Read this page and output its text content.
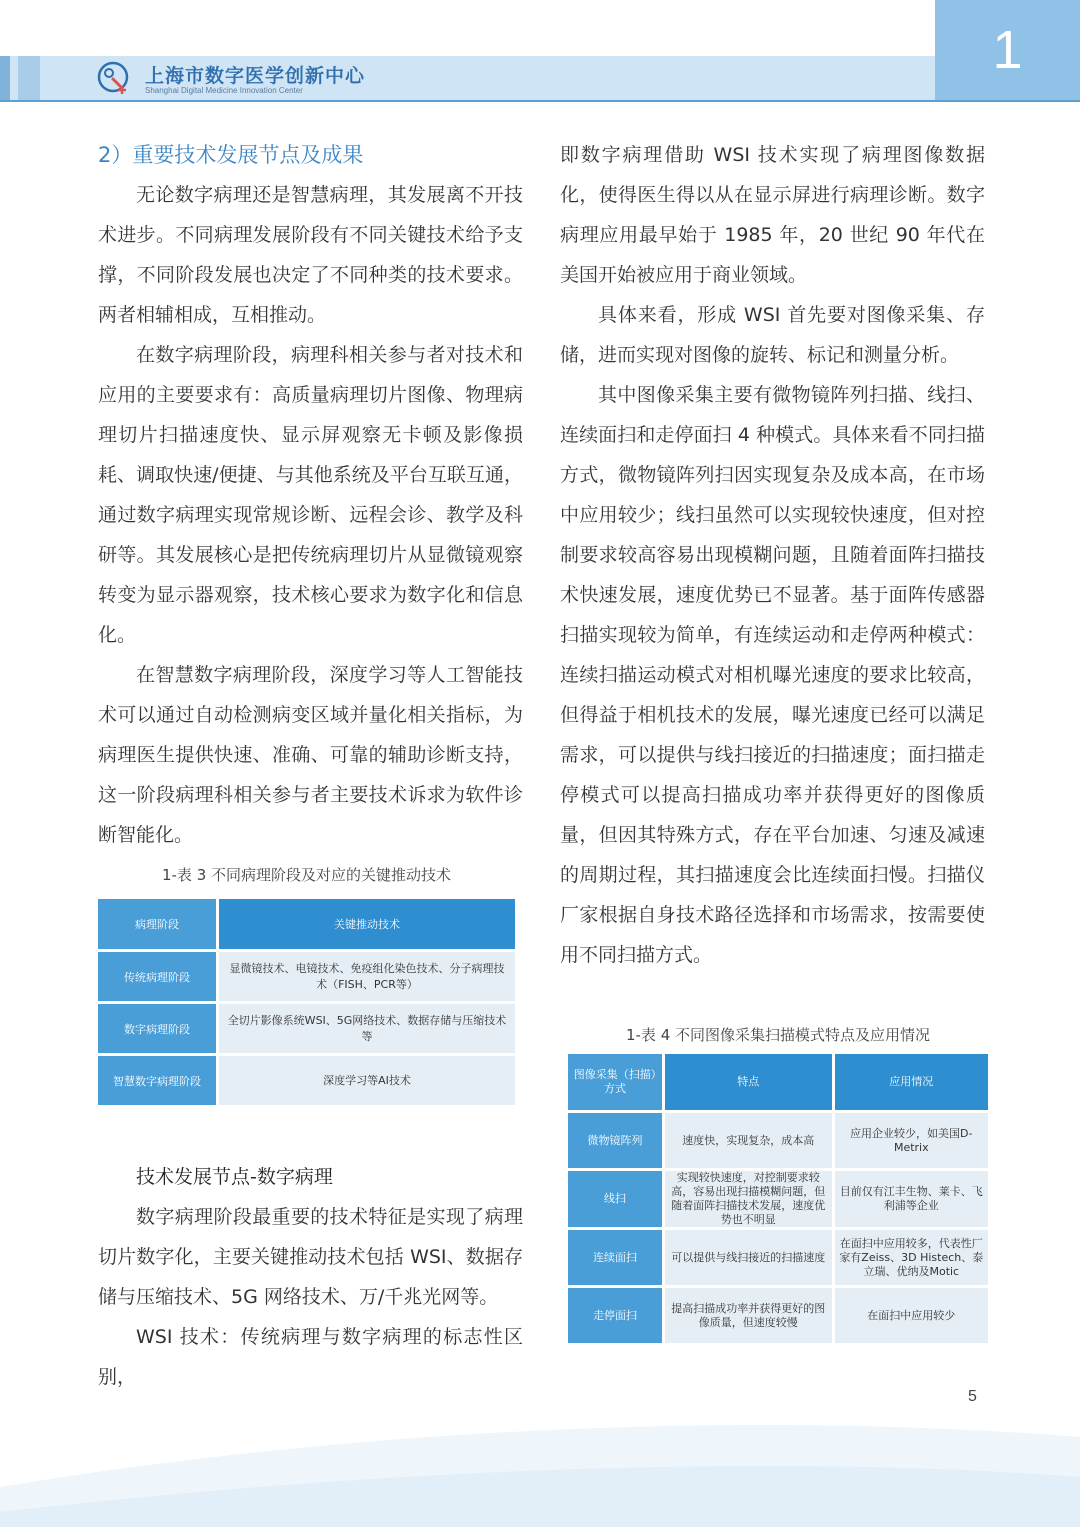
1
上海市数字医学创新中心
Shanghai Digital Medicine Innovation Center
2）重要技术发展节点及成果

无论数字病理还是智慧病理，其发展离不开技术进步。不同病理发展阶段有不同关键技术给予支撑，不同阶段发展也决定了不同种类的技术要求。两者相辅相成，互相推动。

在数字病理阶段，病理科相关参与者对技术和应用的主要要求有：高质量病理切片图像、物理病理切片扫描速度快、显示屏观察无卡顿及影像损耗、调取快速/便捷、与其他系统及平台互联互通，通过数字病理实现常规诊断、远程会诊、教学及科研等。其发展核心是把传统病理切片从显微镜观察转变为显示器观察，技术核心要求为数字化和信息化。

在智慧数字病理阶段，深度学习等人工智能技术可以通过自动检测病变区域并量化相关指标，为病理医生提供快速、准确、可靠的辅助诊断支持，这一阶段病理科相关参与者主要技术诉求为软件诊断智能化。

1-表 3 不同病理阶段及对应的关键推动技术
病理阶段	关键推动技术
传统病理阶段	显微镜技术、电镜技术、免疫组化染色技术、分子病理技术（FISH、PCR等）
数字病理阶段	全切片影像系统WSI、5G网络技术、数据存储与压缩技术等
智慧数字病理阶段	深度学习等AI技术
技术发展节点-数字病理

数字病理阶段最重要的技术特征是实现了病理切片数字化，主要关键推动技术包括 WSI、数据存储与压缩技术、5G 网络技术、万/千兆光网等。

WSI 技术：传统病理与数字病理的标志性区别，

即数字病理借助 WSI 技术实现了病理图像数据化，使得医生得以从在显示屏进行病理诊断。数字病理应用最早始于 1985 年，20 世纪 90 年代在美国开始被应用于商业领域。

具体来看，形成 WSI 首先要对图像采集、存储，进而实现对图像的旋转、标记和测量分析。

其中图像采集主要有微物镜阵列扫描、线扫、连续面扫和走停面扫 4 种模式。具体来看不同扫描方式，微物镜阵列扫因实现复杂及成本高，在市场中应用较少；线扫虽然可以实现较快速度，但对控制要求较高容易出现模糊问题，且随着面阵扫描技术快速发展，速度优势已不显著。基于面阵传感器扫描实现较为简单，有连续运动和走停两种模式：连续扫描运动模式对相机曝光速度的要求比较高，但得益于相机技术的发展，曝光速度已经可以满足需求，可以提供与线扫接近的扫描速度；面扫描走停模式可以提高扫描成功率并获得更好的图像质量，但因其特殊方式，存在平台加速、匀速及减速的周期过程，其扫描速度会比连续面扫慢。扫描仪厂家根据自身技术路径选择和市场需求，按需要使用不同扫描方式。

1-表 4 不同图像采集扫描模式特点及应用情况
图像采集（扫描）方式	特点	应用情况
微物镜阵列	速度快，实现复杂，成本高	应用企业较少，如美国D-Metrix
线扫	实现较快速度，对控制要求较高，容易出现扫描模糊问题，但随着面阵扫描技术发展，速度优势也不明显	目前仅有江丰生物、莱卡、飞利浦等企业
连续面扫	可以提供与线扫接近的扫描速度	在面扫中应用较多，代表性厂家有Zeiss、3D Histech、泰立瑞、优纳及Motic
走停面扫	提高扫描成功率并获得更好的图像质量，但速度较慢	在面扫中应用较少
5
